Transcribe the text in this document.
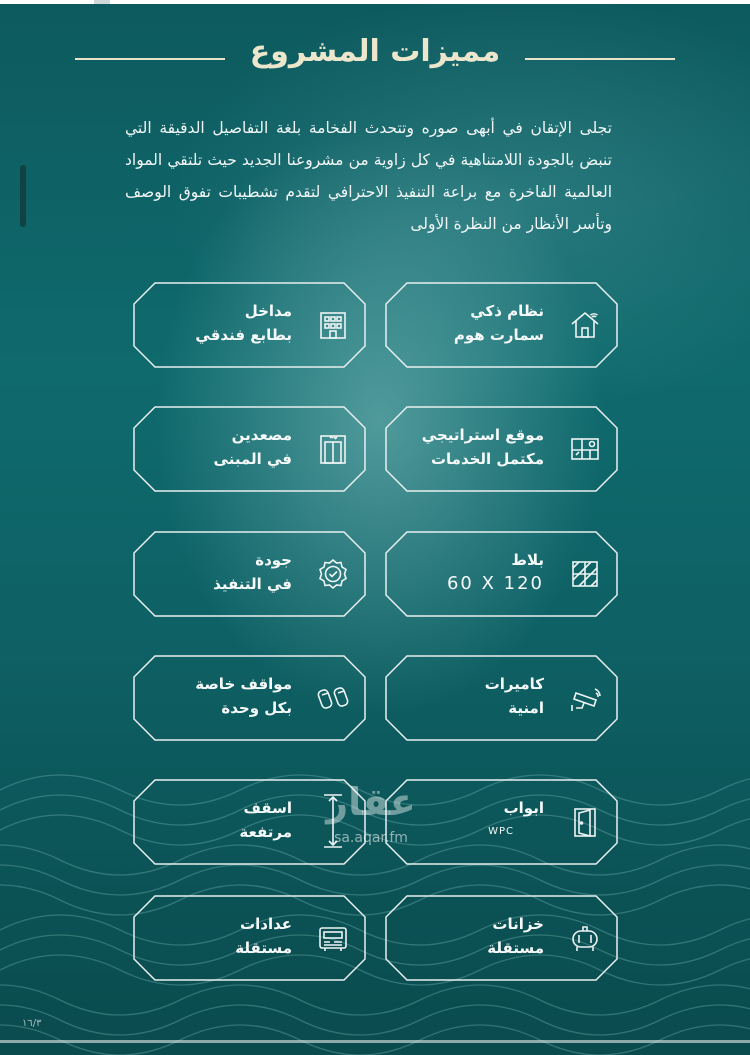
مميزات المشروع
تجلى الإتقان في أبهى صوره وتتحدث الفخامة بلغة التفاصيل الدقيقة التي تنبض بالجودة اللامتناهية في كل زاوية من مشروعنا الجديد حيث تلتقي المواد العالمية الفاخرة مع براعة التنفيذ الاحترافي لتقدم تشطيبات تفوق الوصف وتأسر الأنظار من النظرة الأولى
نظام ذكي
سمارت هوم
مداخل
بطابع فندقي
موقع استراتيجي
مكتمل الخدمات
مصعدين
في المبنى
بلاط
60 X 120
جودة
في التنفيذ
كاميرات
امنية
مواقف خاصة
بكل وحدة
ابواب
WPC
اسقف
مرتفعة
خزانات
مستقلة
عدادات
مستقلة
عقار
sa.aqar.fm
١٦/٣
